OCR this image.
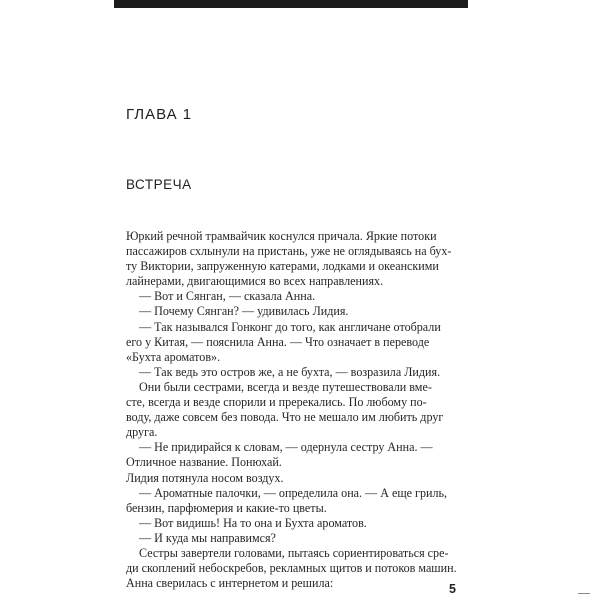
ГЛАВА 1
ВСТРЕЧА
Юркий речной трамвайчик коснулся причала. Яркие потоки
пассажиров схлынули на пристань, уже не оглядываясь на бух-
ту Виктории, запруженную катерами, лодками и океанскими
лайнерами, двигающимися во всех направлениях.
— Вот и Сянган, — сказала Анна.
— Почему Сянган? — удивилась Лидия.
— Так назывался Гонконг до того, как англичане отобрали
его у Китая, — пояснила Анна. — Что означает в переводе
«Бухта ароматов».
— Так ведь это остров же, а не бухта, — возразила Лидия.
Они были сестрами, всегда и везде путешествовали вме-
сте, всегда и везде спорили и пререкались. По любому по-
воду, даже совсем без повода. Что не мешало им любить друг
друга.
— Не придирайся к словам, — одернула сестру Анна. —
Отличное название. Понюхай.
Лидия потянула носом воздух.
— Ароматные палочки, — определила она. — А еще гриль,
бензин, парфюмерия и какие-то цветы.
— Вот видишь! На то она и Бухта ароматов.
— И куда мы направимся?
Сестры завертели головами, пытаясь сориентироваться сре-
ди скоплений небоскребов, рекламных щитов и потоков машин.
Анна сверилась с интернетом и решила:	5
